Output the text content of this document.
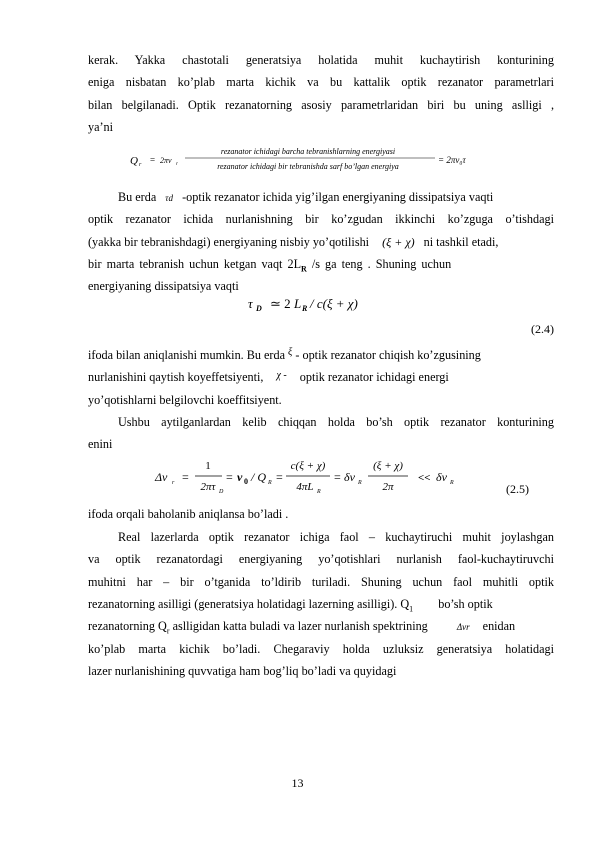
kerak. Yakka chastotali generatsiya holatida muhit kuchaytirish konturining
eniga nisbatan ko’plab marta kichik va bu kattalik optik rezanator parametrlari
bilan belgilanadi. Optik rezanatorning asosiy parametrlaridan biri bu uning aslligi ,
ya’ni
Q r = 2πν r
rezanator ichidagi barcha tebranishlarning energiyasi
rezanator ichidagi bir tebranishda sarf bo’lgan energiya
= 2πν₀τ
Bu erda τd -optik rezanator ichida yig’ilgan energiyaning dissipatsiya vaqti
optik rezanator ichida nurlanishning bir ko’zgudan ikkinchi ko’zguga o’tishdagi
(yakka bir tebranishdagi) energiyaning nisbiy yo’qotilishi (ξ + χ) ni tashkil etadi,
bir marta tebranish uchun ketgan vaqt $2L_R$ /s ga teng . Shuning uchun
energiyaning dissipatsiya vaqti
τ D ≃ 2 L R / c(ξ + χ)
(2.4)
ifoda bilan aniqlanishi mumkin. Bu erda $^\xi$ - optik rezanator chiqish ko’zgusining
nurlanishini qaytish koyeffetsiyenti, $^{\chi -}$ optik rezanator ichidagi energi
yo’qotishlarni belgilovchi koeffitsiyent.
Ushbu aytilganlardan kelib chiqqan holda bo’sh optik rezanator konturining
enini
Δν r =
1
2πτ D
= ν 0 / Q R =
c(ξ + χ)
4πL R
= δν R
(ξ + χ)
2π
<< δν R	(2.5)
ifoda orqali baholanib aniqlansa bo’ladi .
Real lazerlarda optik rezanator ichiga faol – kuchaytiruchi muhit joylashgan
va optik rezanatordagi energiyaning yo’qotishlari nurlanish faol-kuchaytiruvchi
muhitni har – bir o’tganida to’ldirib turiladi. Shuning uchun faol muhitli optik
rezanatorning asilligi (generatsiya holatidagi lazerning asilligi). $Q_1$ bo’sh optik
rezanatorning $Q_r$ aslligidan katta buladi va lazer nurlanish spektrining	Δνr enidan
ko’plab marta kichik bo’ladi. Chegaraviy holda uzluksiz generatsiya holatidagi
lazer nurlanishining quvvatiga ham bog’liq bo’ladi va quyidagi
13
